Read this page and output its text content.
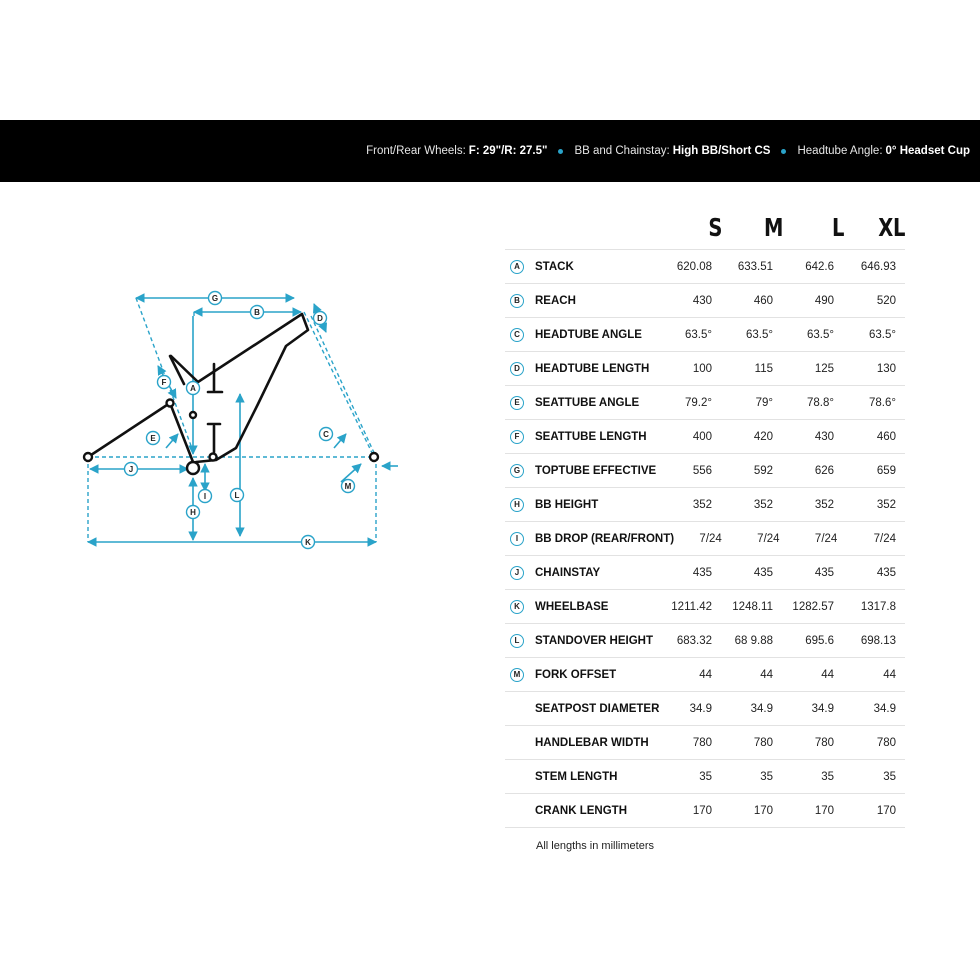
Front/Rear Wheels: F: 29"/R: 27.5" BB and Chainstay: High BB/Short CS Headtube Angle: 0° Headset Cup
G
B
D
F
A
E	C
J
M
I	L
H
K
S	M	L	XL
A	STACK	620.08	633.51	642.6	646.93
B	REACH	430	460	490	520
C	HEADTUBE ANGLE	63.5°	63.5°	63.5°	63.5°
D	HEADTUBE LENGTH	100	115	125	130
E	SEATTUBE ANGLE	79.2°	79°	78.8°	78.6°
F	SEATTUBE LENGTH	400	420	430	460
G	TOPTUBE EFFECTIVE	556	592	626	659
H	BB HEIGHT	352	352	352	352
I	BB DROP (REAR/FRONT)	7/24	7/24	7/24	7/24
J	CHAINSTAY	435	435	435	435
K	WHEELBASE	1211.42	1248.11	1282.57	1317.8
L	STANDOVER HEIGHT	683.32	68 9.88	695.6	698.13
M	FORK OFFSET	44	44	44	44
SEATPOST DIAMETER	34.9	34.9	34.9	34.9
HANDLEBAR WIDTH	780	780	780	780
STEM LENGTH	35	35	35	35
CRANK LENGTH	170	170	170	170
All lengths in millimeters
